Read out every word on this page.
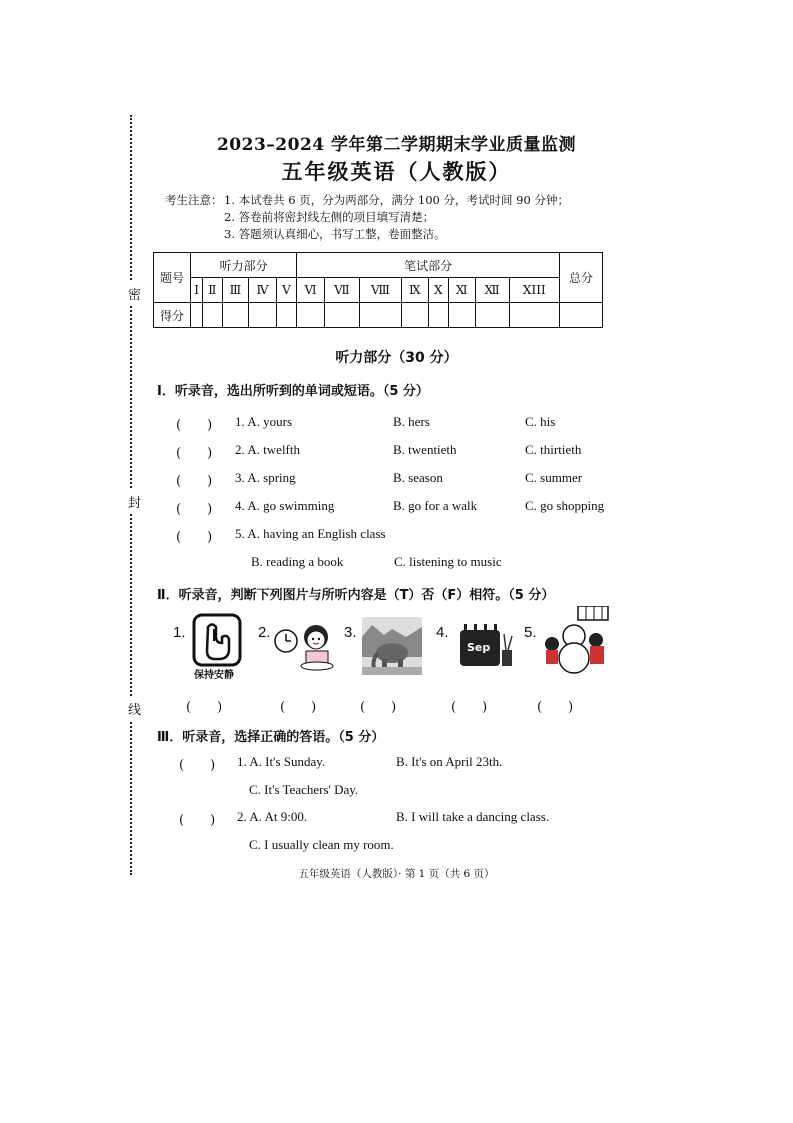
密
封
线
2023–2024 学年第二学期期末学业质量监测
五年级英语（人教版）
考生注意： 1. 本试卷共 6 页，分为两部分，满分 100 分，考试时间 90 分钟；
2. 答卷前将密封线左侧的项目填写清楚；
3. 答题须认真细心，书写工整，卷面整洁。
题号	听力部分					笔试部分								总分
	Ⅰ	Ⅱ	Ⅲ	Ⅳ	Ⅴ	Ⅵ	Ⅶ	Ⅷ	Ⅸ	Ⅹ	Ⅺ	Ⅻ	XIII	
得分														
听力部分（30 分）
Ⅰ．听录音，选出所听到的单词或短语。（5 分）
(　　) 1. A. yours	B. hers	C. his
(　　) 2. A. twelfth	B. twentieth	C. thirtieth
(　　) 3. A. spring	B. season	C. summer
(　　) 4. A. go swimming	B. go for a walk	C. go shopping
(　　) 5. A. having an English class
B. reading a book	C. listening to music
Ⅱ．听录音，判断下列图片与所听内容是（T）否（F）相符。（5 分）
1.
保持安静
2.	3.	4.
Sep
5.
(　　)	(　　)	(　　)	(　　)	(　　)
Ⅲ．听录音，选择正确的答语。（5 分）
(　　) 1. A. It's Sunday.	B. It's on April 23th.
C. It's Teachers' Day.
(　　) 2. A. At 9:00.	B. I will take a dancing class.
C. I usually clean my room.
五年级英语（人教版）· 第 1 页（共 6 页）
